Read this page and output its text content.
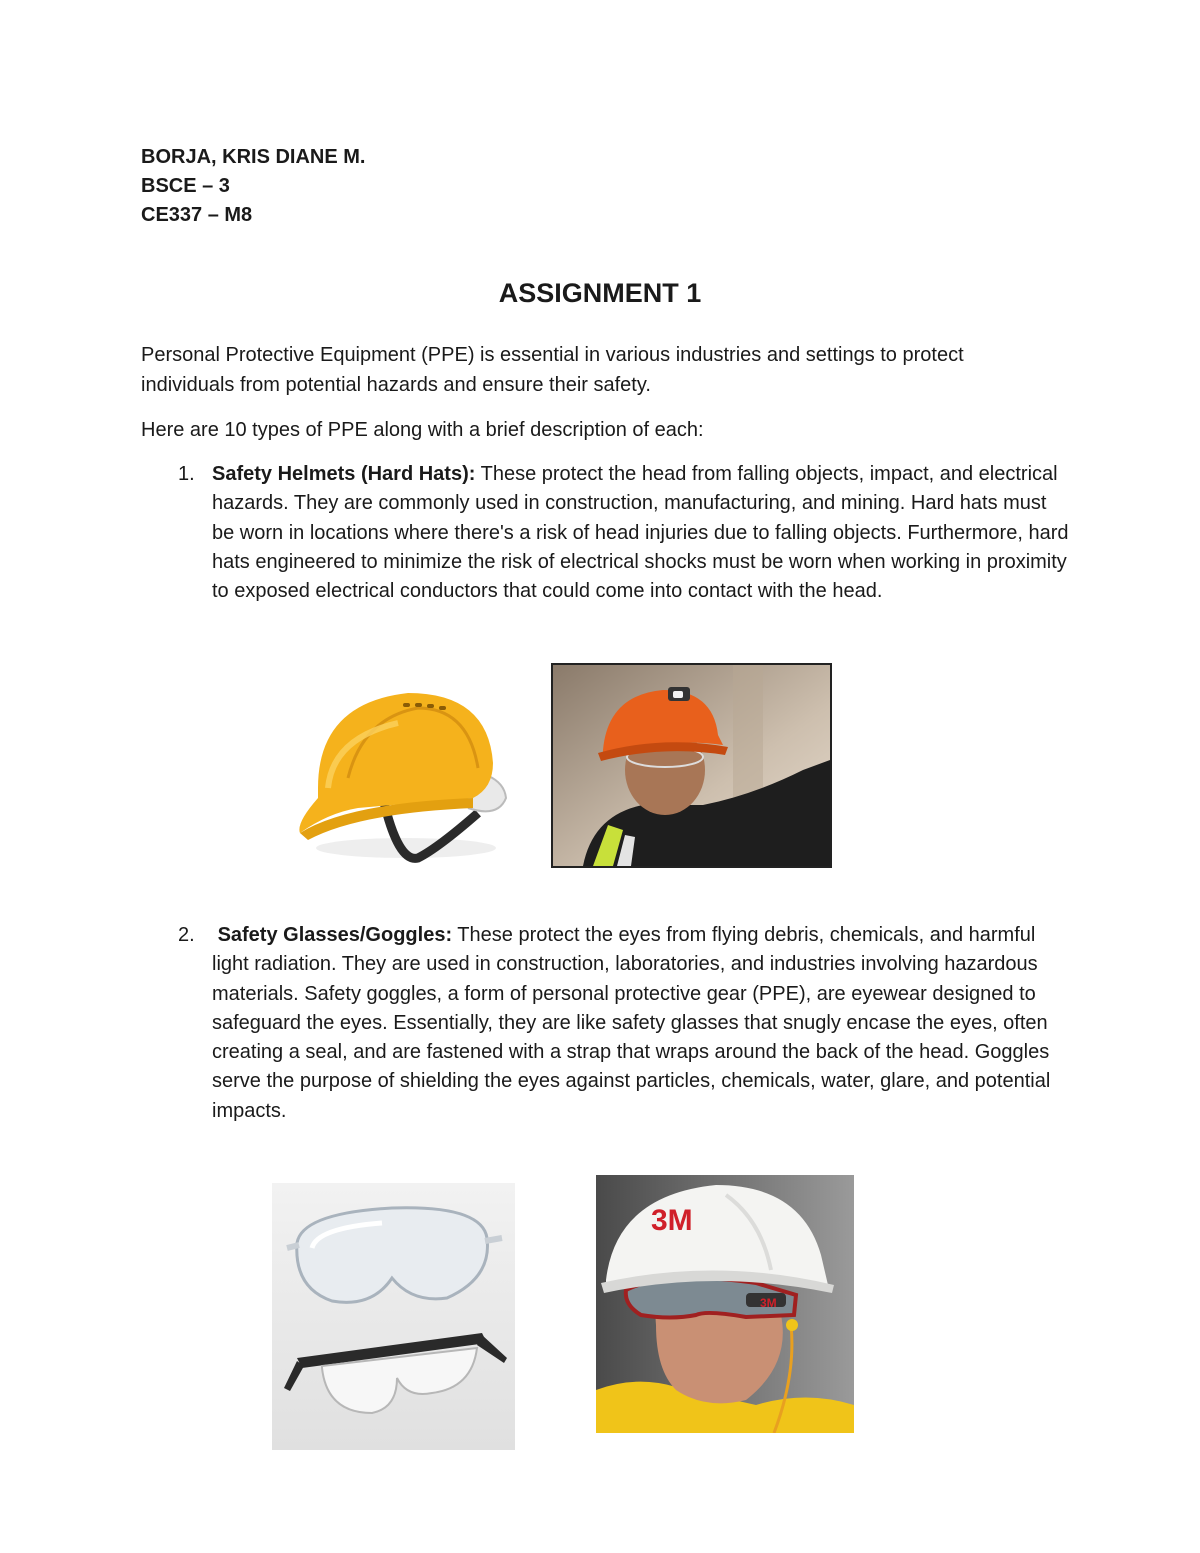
BORJA, KRIS DIANE M.
BSCE – 3
CE337 – M8
ASSIGNMENT 1

Personal Protective Equipment (PPE) is essential in various industries and settings to protect individuals from potential hazards and ensure their safety.

Here are 10 types of PPE along with a brief description of each:

1. Safety Helmets (Hard Hats): These protect the head from falling objects, impact, and electrical hazards. They are commonly used in construction, manufacturing, and mining. Hard hats must be worn in locations where there's a risk of head injuries due to falling objects. Furthermore, hard hats engineered to minimize the risk of electrical shocks must be worn when working in proximity to exposed electrical conductors that could come into contact with the head.
2. Safety Glasses/Goggles: These protect the eyes from flying debris, chemicals, and harmful light radiation. They are used in construction, laboratories, and industries involving hazardous materials. Safety goggles, a form of personal protective gear (PPE), are eyewear designed to safeguard the eyes. Essentially, they are like safety glasses that snugly encase the eyes, often creating a seal, and are fastened with a strap that wraps around the back of the head. Goggles serve the purpose of shielding the eyes against particles, chemicals, water, glare, and potential impacts.
3M
3M
